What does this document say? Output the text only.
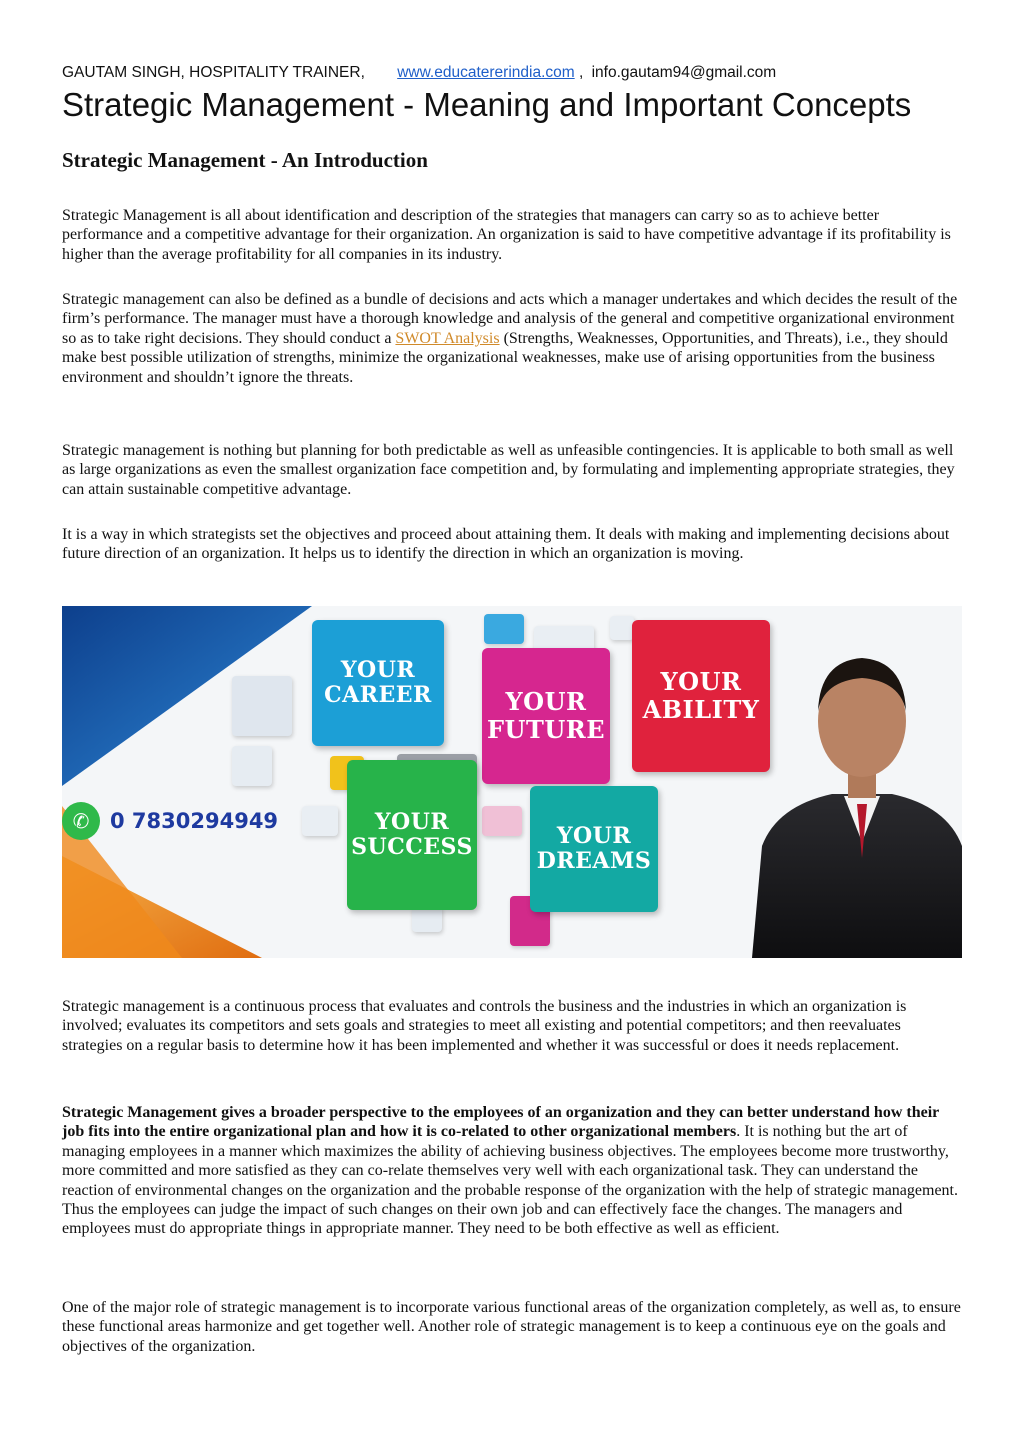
GAUTAM SINGH, HOSPITALITY TRAINER, www.educatererindia.com , info.gautam94@gmail.com
Strategic Management - Meaning and Important Concepts
Strategic Management - An Introduction

Strategic Management is all about identification and description of the strategies that managers can carry so as to achieve better performance and a competitive advantage for their organization. An organization is said to have competitive advantage if its profitability is higher than the average profitability for all companies in its industry.

Strategic management can also be defined as a bundle of decisions and acts which a manager undertakes and which decides the result of the firm’s performance. The manager must have a thorough knowledge and analysis of the general and competitive organizational environment so as to take right decisions. They should conduct a SWOT Analysis (Strengths, Weaknesses, Opportunities, and Threats), i.e., they should make best possible utilization of strengths, minimize the organizational weaknesses, make use of arising opportunities from the business environment and shouldn’t ignore the threats.

Strategic management is nothing but planning for both predictable as well as unfeasible contingencies. It is applicable to both small as well as large organizations as even the smallest organization face competition and, by formulating and implementing appropriate strategies, they can attain sustainable competitive advantage.

It is a way in which strategists set the objectives and proceed about attaining them. It deals with making and implementing decisions about future direction of an organization. It helps us to identify the direction in which an organization is moving.

Strategic management is a continuous process that evaluates and controls the business and the industries in which an organization is involved; evaluates its competitors and sets goals and strategies to meet all existing and potential competitors; and then reevaluates strategies on a regular basis to determine how it has been implemented and whether it was successful or does it needs replacement.

Strategic Management gives a broader perspective to the employees of an organization and they can better understand how their job fits into the entire organizational plan and how it is co-related to other organizational members. It is nothing but the art of managing employees in a manner which maximizes the ability of achieving business objectives. The employees become more trustworthy, more committed and more satisfied as they can co-relate themselves very well with each organizational task. They can understand the reaction of environmental changes on the organization and the probable response of the organization with the help of strategic management. Thus the employees can judge the impact of such changes on their own job and can effectively face the changes. The managers and employees must do appropriate things in appropriate manner. They need to be both effective as well as efficient.

One of the major role of strategic management is to incorporate various functional areas of the organization completely, as well as, to ensure these functional areas harmonize and get together well. Another role of strategic management is to keep a continuous eye on the goals and objectives of the organization.

YOUR
CAREER	YOUR
FUTURE
YOUR
ABILITY
YOUR
SUCCESS	YOUR
DREAMS
✆ 0 7830294949
